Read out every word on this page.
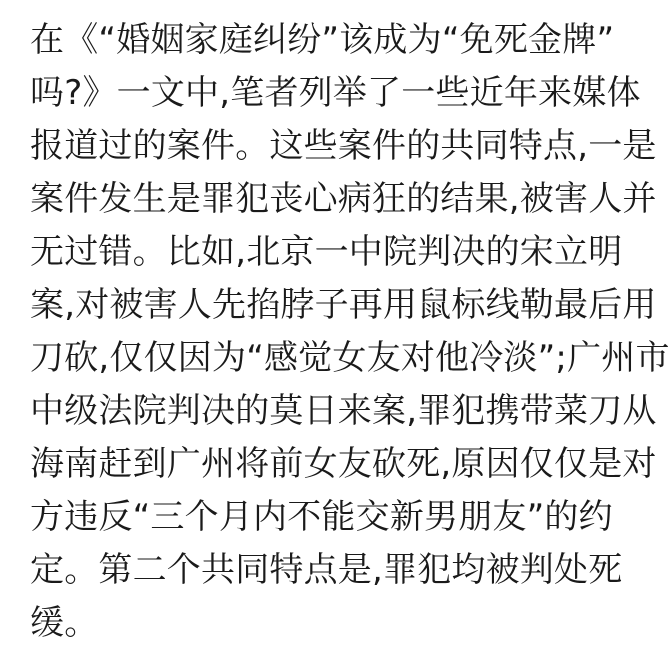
在《“婚姻家庭纠纷”该成为“免死金牌”
吗?》一文中,笔者列举了一些近年来媒体
报道过的案件。这些案件的共同特点,一是
案件发生是罪犯丧心病狂的结果,被害人并
无过错。比如,北京一中院判决的宋立明
案,对被害人先掐脖子再用鼠标线勒最后用
刀砍,仅仅因为“感觉女友对他冷淡”;广州市
中级法院判决的莫日来案,罪犯携带菜刀从
海南赶到广州将前女友砍死,原因仅仅是对
方违反“三个月内不能交新男朋友”的约
定。第二个共同特点是,罪犯均被判处死
缓。
